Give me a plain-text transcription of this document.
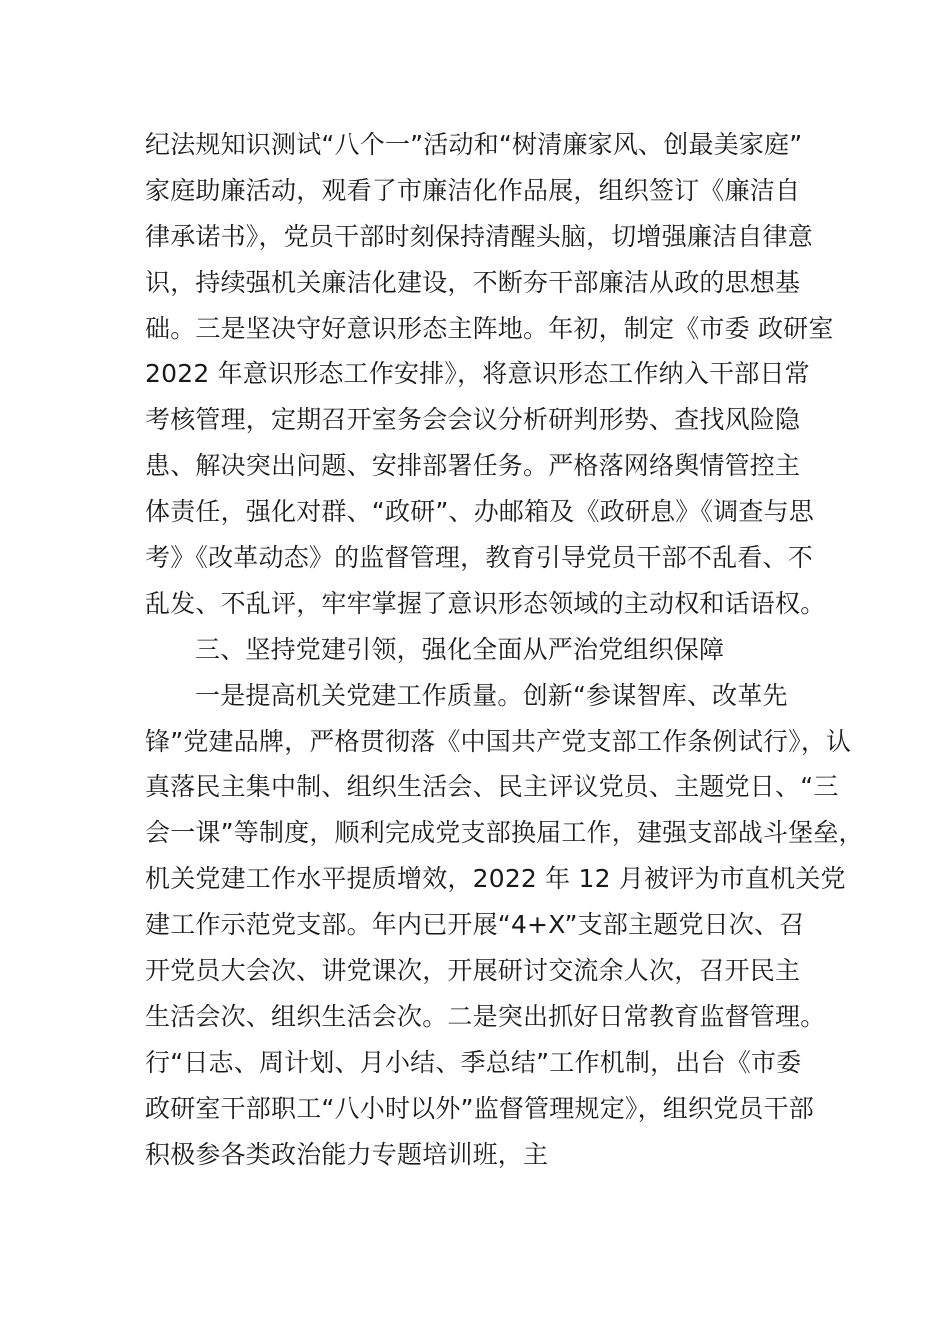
纪法规知识测试“八个一”活动和“树清廉家风、创最美家庭”
家庭助廉活动，观看了市廉洁化作品展，组织签订《廉洁自
律承诺书》，党员干部时刻保持清醒头脑，切增强廉洁自律意
识，持续强机关廉洁化建设，不断夯干部廉洁从政的思想基
础。三是坚决守好意识形态主阵地。年初，制定《市委 政研室
2022 年意识形态工作安排》，将意识形态工作纳入干部日常
考核管理，定期召开室务会会议分析研判形势、查找风险隐
患、解决突出问题、安排部署任务。严格落网络舆情管控主
体责任，强化对群、“政研”、办邮箱及《政研息》《调查与思
考》《改革动态》的监督管理，教育引导党员干部不乱看、不
乱发、不乱评，牢牢掌握了意识形态领域的主动权和话语权。
三、坚持党建引领，强化全面从严治党组织保障
一是提高机关党建工作质量。创新“参谋智库、改革先
锋”党建品牌，严格贯彻落《中国共产党支部工作条例试行》，认
真落民主集中制、组织生活会、民主评议党员、主题党日、“三
会一课”等制度，顺利完成党支部换届工作，建强支部战斗堡垒，
机关党建工作水平提质增效，2022 年 12 月被评为市直机关党
建工作示范党支部。年内已开展“4+X”支部主题党日次、召
开党员大会次、讲党课次，开展研讨交流余人次，召开民主
生活会次、组织生活会次。二是突出抓好日常教育监督管理。
行“日志、周计划、月小结、季总结”工作机制，出台《市委
政研室干部职工“八小时以外”监督管理规定》，组织党员干部
积极参各类政治能力专题培训班，主
